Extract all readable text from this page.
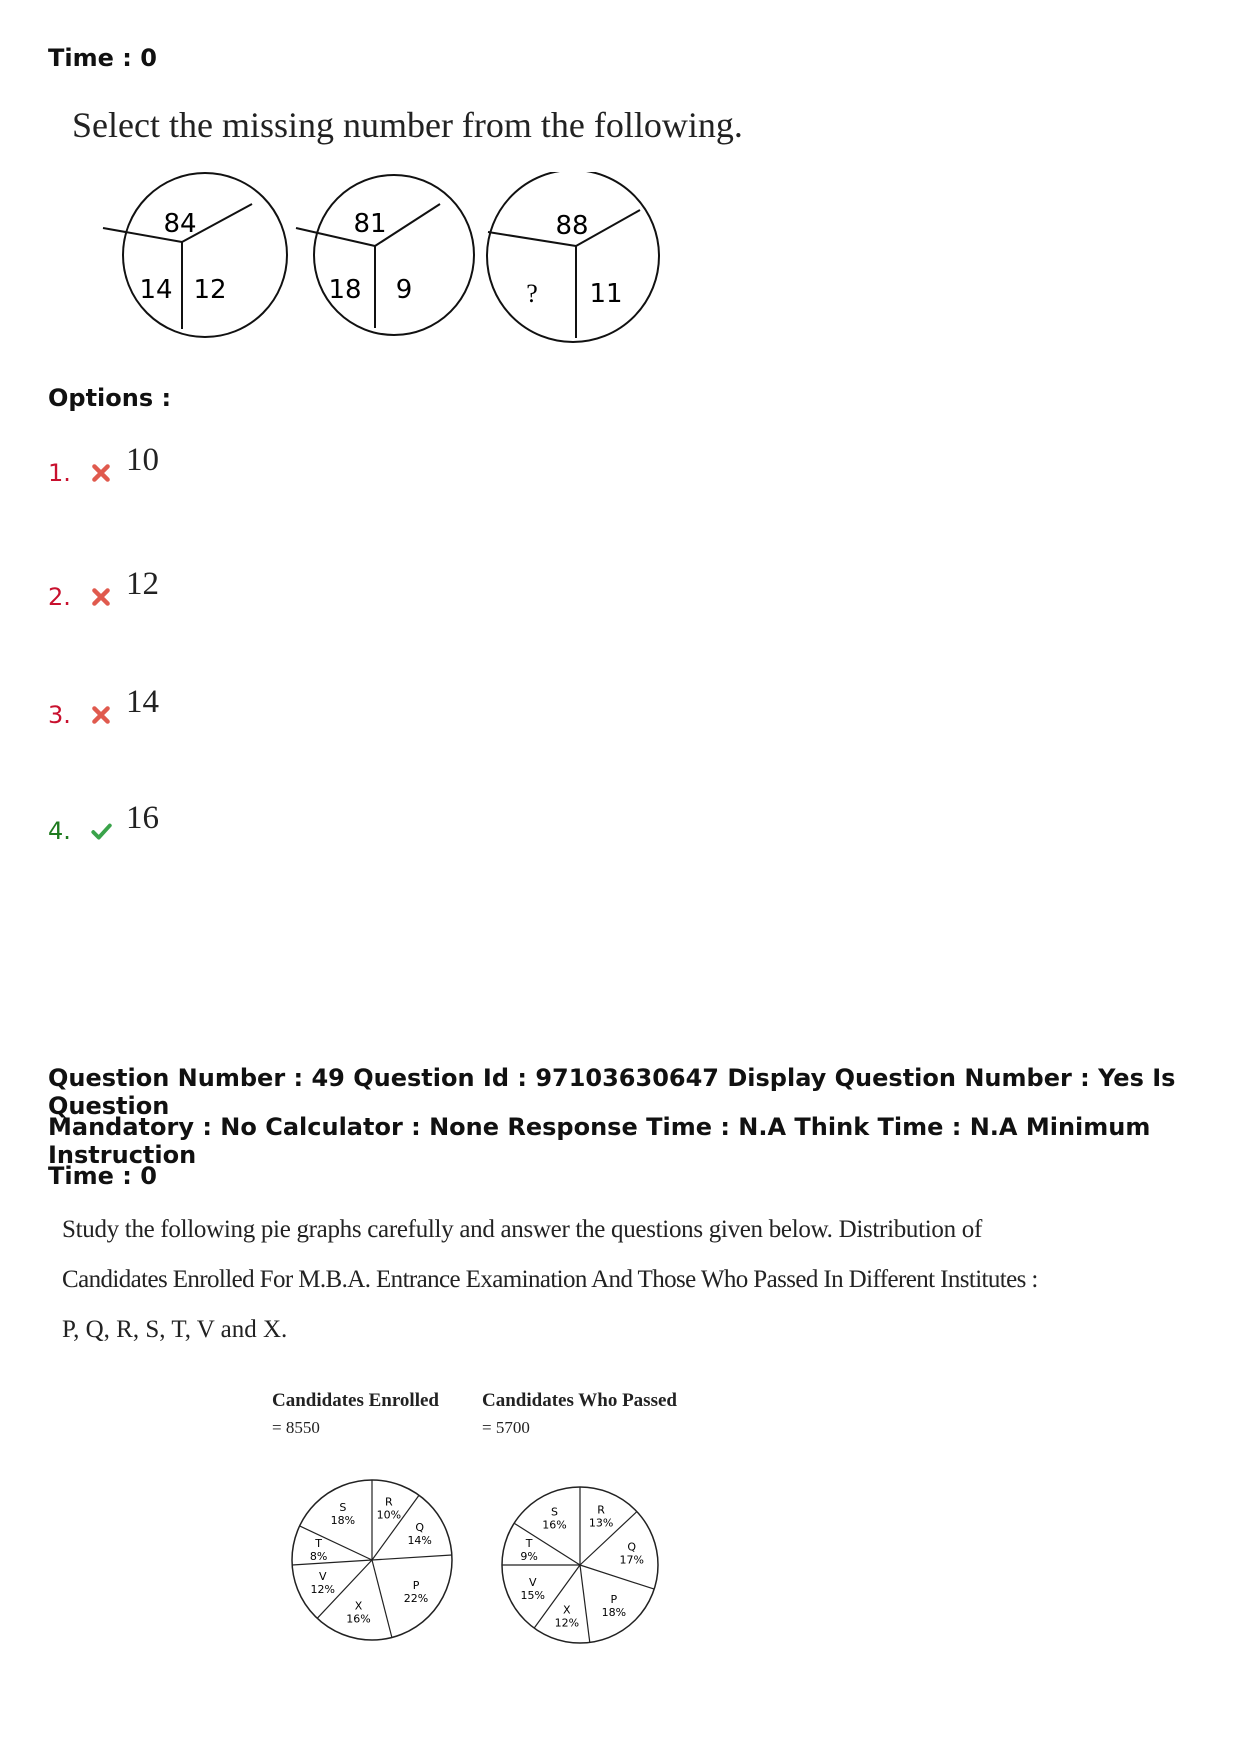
Time : 0
Select the missing number from the following.
84
14 12
81
18 9
88
? 11
Options :
1.	10
2.	12
3.	14
4.	16
Question Number : 49 Question Id : 97103630647 Display Question Number : Yes Is Question
Mandatory : No Calculator : None Response Time : N.A Think Time : N.A Minimum Instruction
Time : 0
Study the following pie graphs carefully and answer the questions given below. Distribution of
Candidates Enrolled For M.B.A. Entrance Examination And Those Who Passed In Different Institutes :
P, Q, R, S, T, V and X.
Candidates Enrolled
= 8550
R
10%
Q
14%
P
22%
X
16%
V
12%
T
8%
S
18%
Candidates Who Passed
= 5700
R
13%
Q
17%
P
18%
X
12%
V
15%
T
9%
S
16%
